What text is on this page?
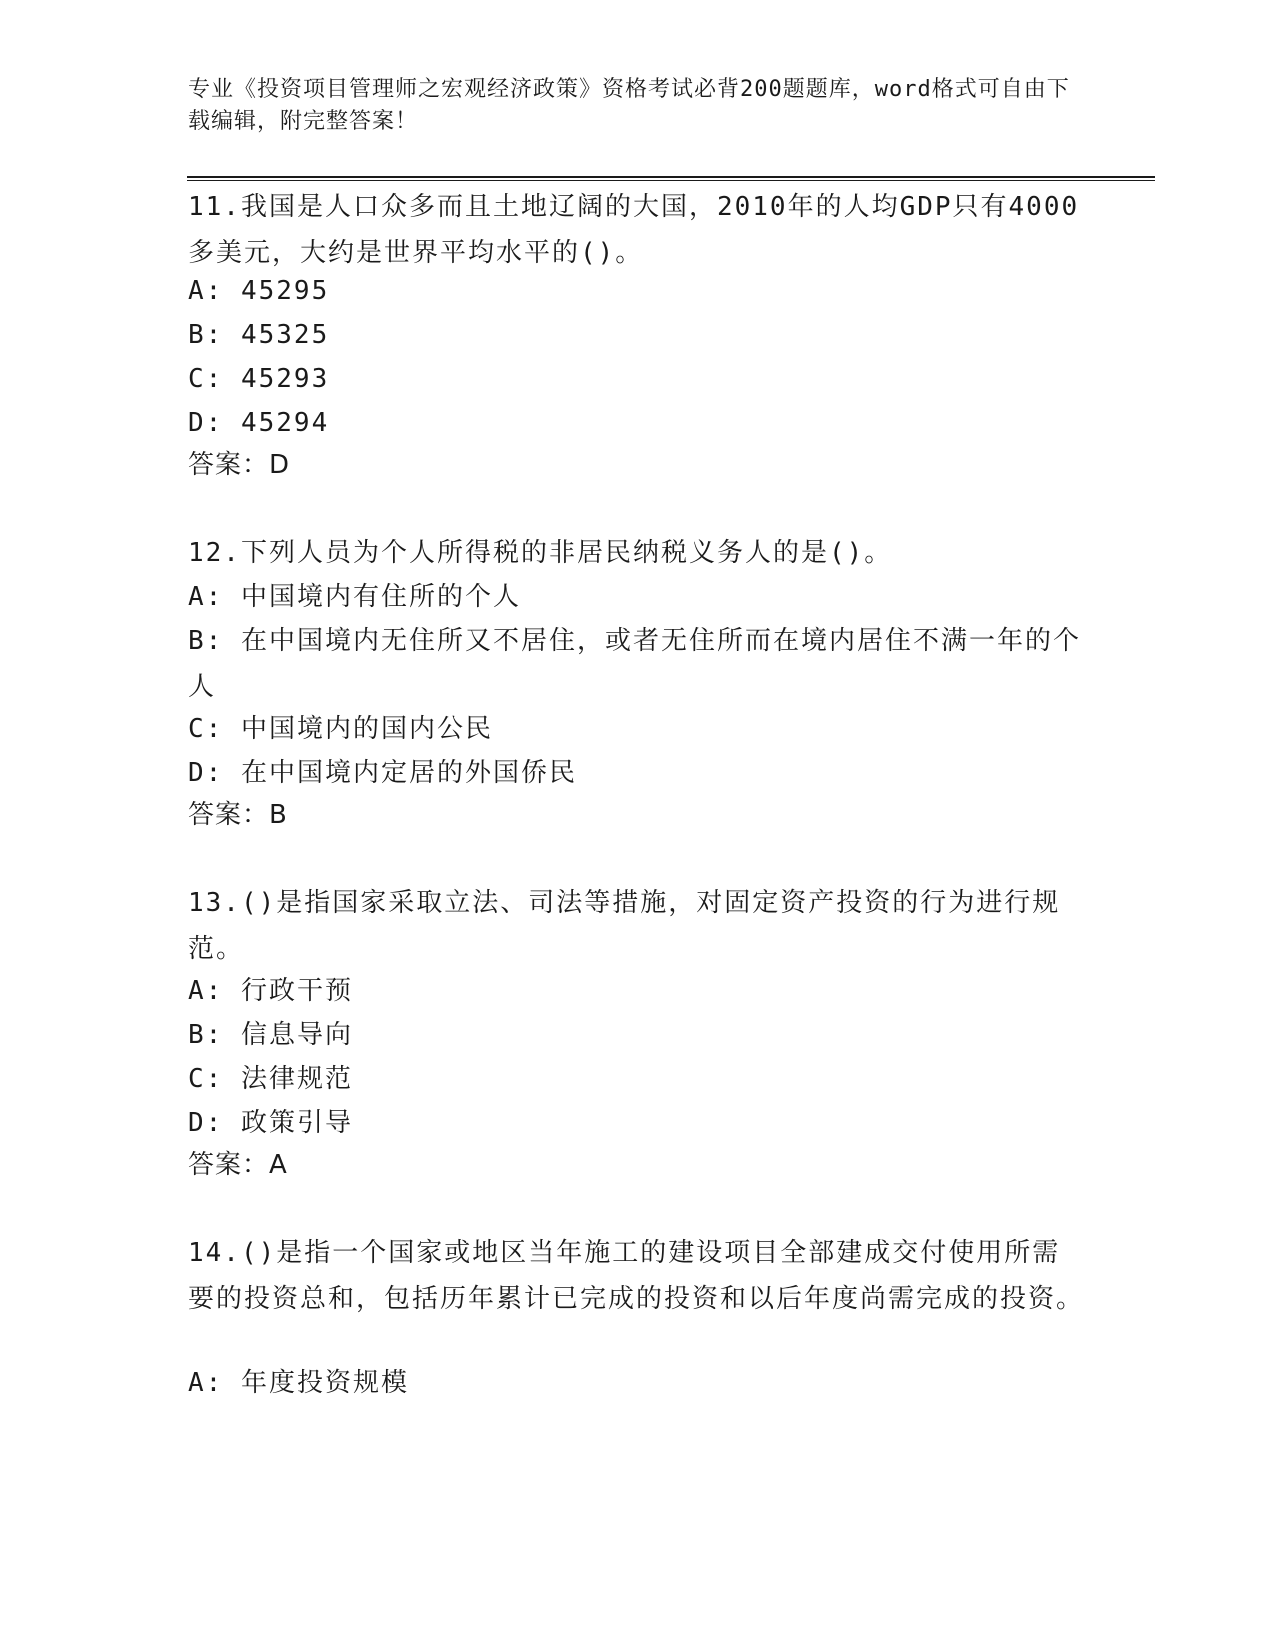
专业《投资项目管理师之宏观经济政策》资格考试必背200题题库，word格式可自由下载编辑，附完整答案！
11.我国是人口众多而且土地辽阔的大国，2010年的人均GDP只有4000多美元，大约是世界平均水平的()。
A: 45295
B: 45325
C: 45293
D: 45294
答案：D
12.下列人员为个人所得税的非居民纳税义务人的是()。
A: 中国境内有住所的个人
B: 在中国境内无住所又不居住，或者无住所而在境内居住不满一年的个人
C: 中国境内的国内公民
D: 在中国境内定居的外国侨民
答案：B
13.()是指国家采取立法、司法等措施，对固定资产投资的行为进行规范。
A: 行政干预
B: 信息导向
C: 法律规范
D: 政策引导
答案：A
14.()是指一个国家或地区当年施工的建设项目全部建成交付使用所需要的投资总和，包括历年累计已完成的投资和以后年度尚需完成的投资。
A: 年度投资规模
